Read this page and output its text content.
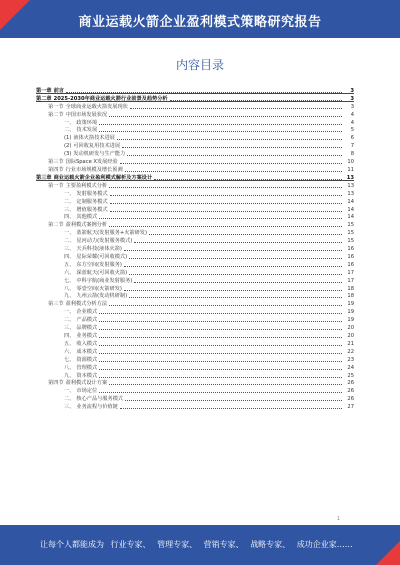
商业运载火箭企业盈利模式策略研究报告
内容目录
第一章 前言	3
第二章 2025-2030年商业运载火箭行业前景及趋势分析	3
第一节 全球商业运载火箭发展现状	3
第二节 中国市场发展状况	4
一、 政策环境	4
二、 技术发展	5
(1) 液体火箭技术进展	6
(2) 可回收复用技术进展	7
(3) 发动机研发与生产能力	8
第三节 国际Space X发展经验	10
第四节 行业市场规模及增长预测	11
第三章 商业运载火箭企业盈利模式解析及方案设计	13
第一节 主要盈利模式分析	13
一、 发射服务模式	13
二、 定制服务模式	14
三、 增值服务模式	14
四、 其他模式	14
第二节 盈利模式案例分析	15
一、 蓝箭航天(发射服务+火箭研发)	15
二、 星河动力(发射服务模式)	15
三、 天兵科技(液体火箭)	16
四、 星际荣耀(可回收模式)	16
五、 东方空间(发射服务)	16
六、 深蓝航天(可回收火箭)	17
七、 中科宇航(商业发射服务)	17
八、 零壹空间(火箭研发)	18
九、 九州云箭(发动机研制)	18
第三节 盈利模式分析方法	19
一、 企业模式	19
二、 产品模式	19
三、 品牌模式	20
四、 业务模式	20
五、 收入模式	21
六、 成本模式	22
七、 资源模式	23
八、 管理模式	24
九、 资本模式	25
第四节 盈利模式设计方案	26
一、 市场定位	26
二、 核心产品与服务模式	26
三、 业务流程与价值链	27
1
让每个人都能成为 行业专家、 管理专家、 营销专家、 战略专家、 成功企业家……
